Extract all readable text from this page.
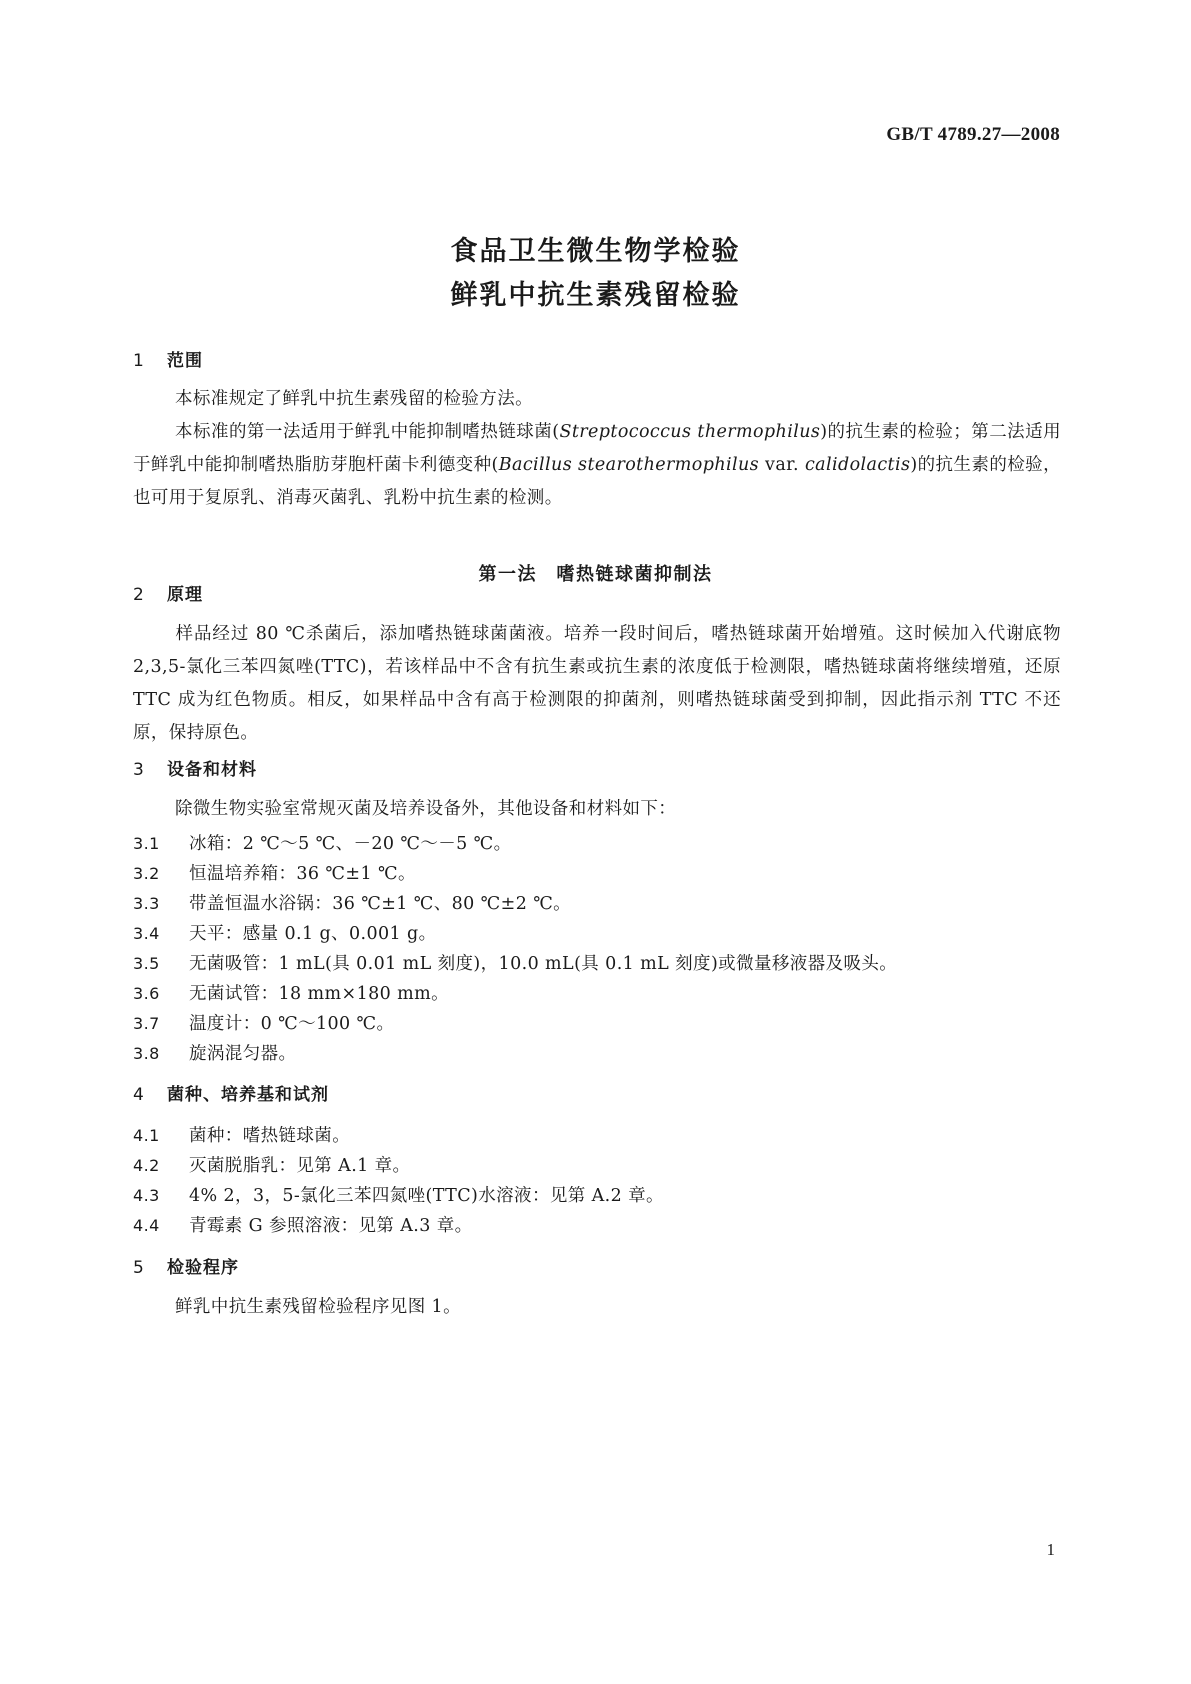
GB/T 4789.27—2008
食品卫生微生物学检验
鲜乳中抗生素残留检验
1 范围
本标准规定了鲜乳中抗生素残留的检验方法。
本标准的第一法适用于鲜乳中能抑制嗜热链球菌(Streptococcus thermophilus)的抗生素的检验；第二法适用于鲜乳中能抑制嗜热脂肪芽胞杆菌卡利德变种(Bacillus stearothermophilus var. calidolactis)的抗生素的检验，也可用于复原乳、消毒灭菌乳、乳粉中抗生素的检测。
第一法　嗜热链球菌抑制法
2 原理
样品经过 80 ℃杀菌后，添加嗜热链球菌菌液。培养一段时间后，嗜热链球菌开始增殖。这时候加入代谢底物 2,3,5-氯化三苯四氮唑(TTC)，若该样品中不含有抗生素或抗生素的浓度低于检测限，嗜热链球菌将继续增殖，还原 TTC 成为红色物质。相反，如果样品中含有高于检测限的抑菌剂，则嗜热链球菌受到抑制，因此指示剂 TTC 不还原，保持原色。
3 设备和材料
除微生物实验室常规灭菌及培养设备外，其他设备和材料如下：
3.1 冰箱：2 ℃～5 ℃、－20 ℃～－5 ℃。
3.2 恒温培养箱：36 ℃±1 ℃。
3.3 带盖恒温水浴锅：36 ℃±1 ℃、80 ℃±2 ℃。
3.4 天平：感量 0.1 g、0.001 g。
3.5 无菌吸管：1 mL(具 0.01 mL 刻度)，10.0 mL(具 0.1 mL 刻度)或微量移液器及吸头。
3.6 无菌试管：18 mm×180 mm。
3.7 温度计：0 ℃～100 ℃。
3.8 旋涡混匀器。
4 菌种、培养基和试剂
4.1 菌种：嗜热链球菌。
4.2 灭菌脱脂乳：见第 A.1 章。
4.3 4% 2，3，5-氯化三苯四氮唑(TTC)水溶液：见第 A.2 章。
4.4 青霉素 G 参照溶液：见第 A.3 章。
5 检验程序
鲜乳中抗生素残留检验程序见图 1。
1
